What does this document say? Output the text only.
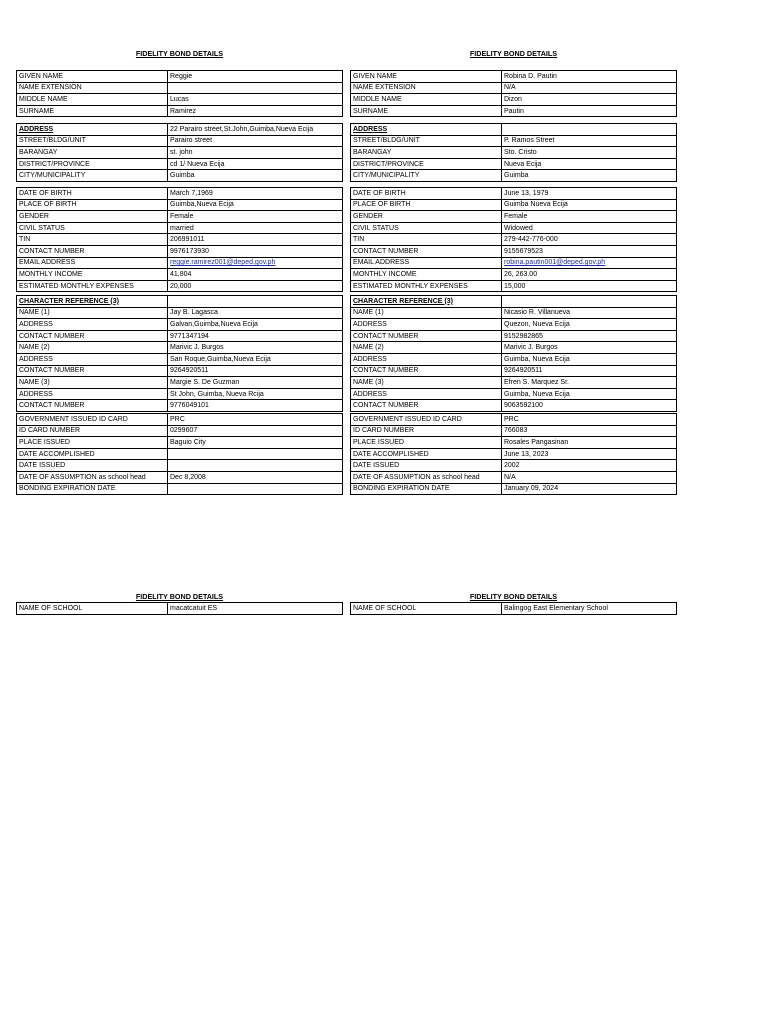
FIDELITY BOND DETAILS
GIVEN NAME	Reggie
NAME EXTENSION	
MIDDLE NAME	Lucas
SURNAME	Ramirez
ADDRESS	22 Parairo street,St.John,Guimba,Nueva Ecija
STREET/BLDG/UNIT	Parairo street
BARANGAY	st. john
DISTRICT/PROVINCE	cd 1/ Nueva Ecija
CITY/MUNICIPALITY	Guimba
DATE OF BIRTH	March 7,1969
PLACE OF BIRTH	Guimba,Nueva Ecija
GENDER	Female
CIVIL STATUS	married
TIN	206991011
CONTACT NUMBER	9976173930
EMAIL ADDRESS	reggie.ramirez001@deped.gov.ph
MONTHLY INCOME	41,804
ESTIMATED MONTHLY EXPENSES	20,000
CHARACTER REFERENCE (3)	
NAME (1)	Jay B. Lagasca
ADDRESS	Galvan,Guimba,Nueva Ecija
CONTACT NUMBER	9771347194
NAME (2)	Marivic J. Burgos
ADDRESS	San Roque,Guimba,Nueva Ecija
CONTACT NUMBER	9264920511
NAME (3)	Margie S. De Guzman
ADDRESS	St John, Guimba, Nueva Rcija
CONTACT NUMBER	9776049101
GOVERNMENT ISSUED ID CARD	PRC
ID CARD NUMBER	0299607
PLACE ISSUED	Baguio City
DATE ACCOMPLISHED	
DATE ISSUED	
DATE OF ASSUMPTION as school head	Dec 8,2008
BONDING EXPIRATION DATE	
FIDELITY BOND DETAILS
NAME OF SCHOOL	macatcatuit ES
FIDELITY BOND DETAILS
GIVEN NAME	Robina D. Pautin
NAME EXTENSION	N/A
MIDDLE NAME	Dizon
SURNAME	Pautin
ADDRESS	
STREET/BLDG/UNIT	P. Ramos Street
BARANGAY	Sto. Cristo
DISTRICT/PROVINCE	Nueva Ecija
CITY/MUNICIPALITY	Guimba
DATE OF BIRTH	June 13, 1979
PLACE OF BIRTH	Guimba Nueva Ecija
GENDER	Female
CIVIL STATUS	Widowed
TIN	279-442-776-000
CONTACT NUMBER	9155679523
EMAIL ADDRESS	robina.pautin001@deped.gov.ph
MONTHLY INCOME	26, 263.00
ESTIMATED MONTHLY EXPENSES	15,000
CHARACTER REFERENCE (3)	
NAME (1)	Nicasio R. Villanueva
ADDRESS	Quezon, Nueva Ecija
CONTACT NUMBER	9152982865
NAME (2)	Marivic J. Burgos
ADDRESS	Guimba, Nueva Ecija
CONTACT NUMBER	9264920511
NAME (3)	Efren S. Marquez Sr.
ADDRESS	Guimba, Nueva Ecija
CONTACT NUMBER	9063592100
GOVERNMENT ISSUED ID CARD	PRC
ID CARD NUMBER	766083
PLACE ISSUED	Rosales Pangasinan
DATE ACCOMPLISHED	June 13, 2023
DATE ISSUED	2002
DATE OF ASSUMPTION as school head	N/A
BONDING EXPIRATION DATE	January 09, 2024
FIDELITY BOND DETAILS
NAME OF SCHOOL	Balingog East Elementary School
